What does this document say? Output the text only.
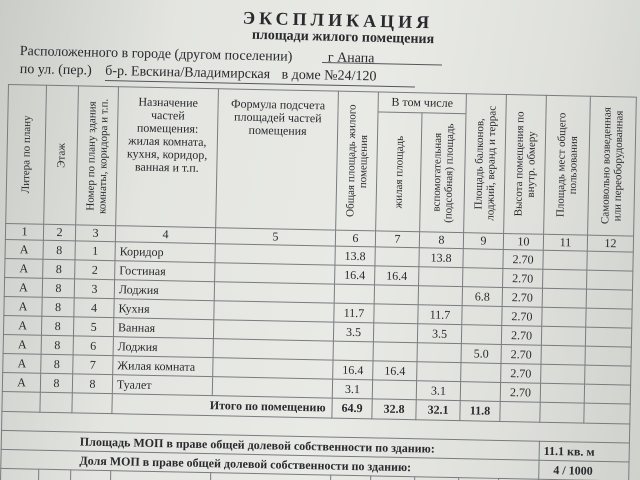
ЭКСПЛИКАЦИЯ
площади жилого помещения
Расположенного в городе (другом поселении)	г Анапа
по ул. (пер.) б-р. Евскина/Владимирская в доме №24/120
Литера по плану	Этаж	Номер по плану здания комнаты, коридора и т.п.	Назначение частей помещения: жилая комната, кухня, коридор, ванная и т.п.	Формула подсчета площадей частей помещения	Общая площадь жилого помещения	В том числе		Площадь балконов, лоджий, веранд и террас	Высота помещения по внутр. обмеру	Площадь мест общего пользования	Самовольно возведенная или переоборудованная

						жилая площадь	вспомогательная (подсобная) площадь				

1	2	3	4	5	6	7	8	9	10	11	12
А	8	1	Коридор		13.8		13.8		2.70		
А	8	2	Гостиная		16.4	16.4			2.70		
А	8	3	Лоджия					6.8	2.70		
А	8	4	Кухня		11.7		11.7		2.70		
А	8	5	Ванная		3.5		3.5		2.70		
А	8	6	Лоджия					5.0	2.70		
А	8	7	Жилая комната		16.4	16.4			2.70		
А	8	8	Туалет		3.1		3.1		2.70		
			Итого по помещению		64.9	32.8	32.1	11.8			

Площадь МОП в праве общей долевой собственности по зданию:										11.1 кв. м	
Доля МОП в праве общей долевой собственности по зданию:										4 / 1000	
